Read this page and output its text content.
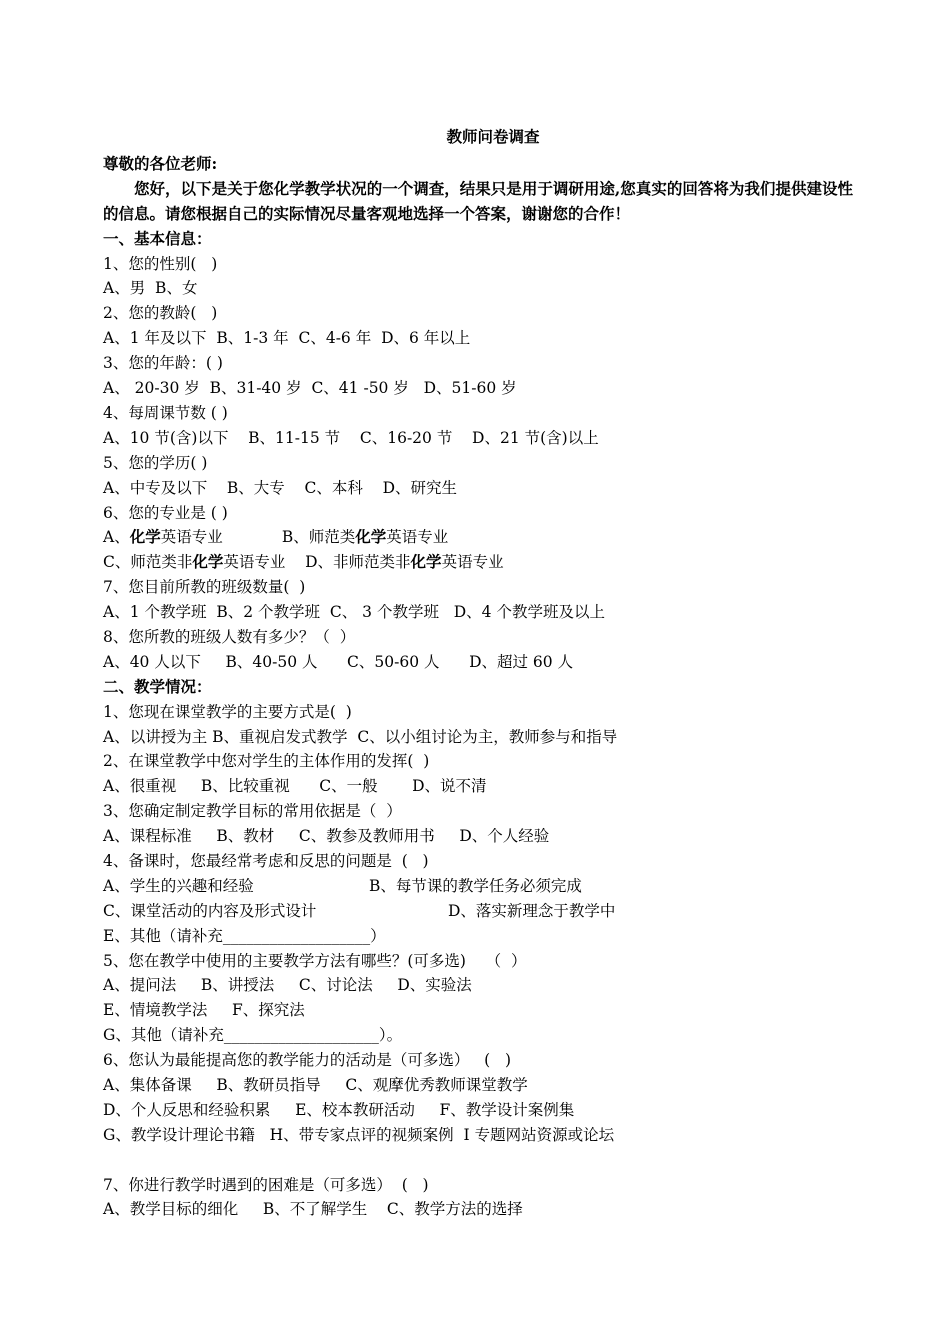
教师问卷调查
尊敬的各位老师:
您好，以下是关于您化学教学状况的一个调查，结果只是用于调研用途,您真实的回答将为我们提供建设性的信息。请您根据自己的实际情况尽量客观地选择一个答案，谢谢您的合作！
一、基本信息：
1、您的性别(   )
A、男  B、女
2、您的教龄(   )
A、1 年及以下  B、1-3 年  C、4-6 年  D、6 年以上
3、您的年龄：( )
A、 20-30 岁  B、31-40 岁  C、41 -50 岁   D、51-60 岁
4、每周课节数 ( )
A、10 节(含)以下    B、11-15 节    C、16-20 节    D、21 节(含)以上
5、您的学历( )
A、中专及以下    B、大专    C、本科    D、研究生
6、您的专业是 ( )
A、化学英语专业            B、师范类化学英语专业
C、师范类非化学英语专业    D、非师范类非化学英语专业
7、您目前所教的班级数量(  )
A、1 个教学班  B、2 个教学班  C、 3 个教学班   D、4 个教学班及以上
8、您所教的班级人数有多少？（  ）
A、40 人以下     B、40-50 人      C、50-60 人      D、超过 60 人
二、教学情况：
1、您现在课堂教学的主要方式是(  )
A、以讲授为主 B、重视启发式教学  C、以小组讨论为主，教师参与和指导
2、在课堂教学中您对学生的主体作用的发挥(  )
A、很重视     B、比较重视      C、一般       D、说不清
3、您确定制定教学目标的常用依据是（  ）
A、课程标准     B、教材     C、教参及教师用书     D、个人经验
4、备课时，您最经常考虑和反思的问题是  (   )
A、学生的兴趣和经验	B、每节课的教学任务必须完成
C、课堂活动的内容及形式设计	D、落实新理念于教学中
E、其他（请补充___________________）
5、您在教学中使用的主要教学方法有哪些？(可多选)    （  ）
A、提问法     B、讲授法     C、讨论法     D、实验法
E、情境教学法     F、探究法
G、其他（请补充____________________）。
6、您认为最能提高您的教学能力的活动是（可多选）   (   )
A、集体备课     B、教研员指导     C、观摩优秀教师课堂教学
D、个人反思和经验积累     E、校本教研活动     F、教学设计案例集
G、教学设计理论书籍   H、带专家点评的视频案例  I 专题网站资源或论坛
7、你进行教学时遇到的困难是（可多选）  (   )
A、教学目标的细化     B、不了解学生    C、教学方法的选择
